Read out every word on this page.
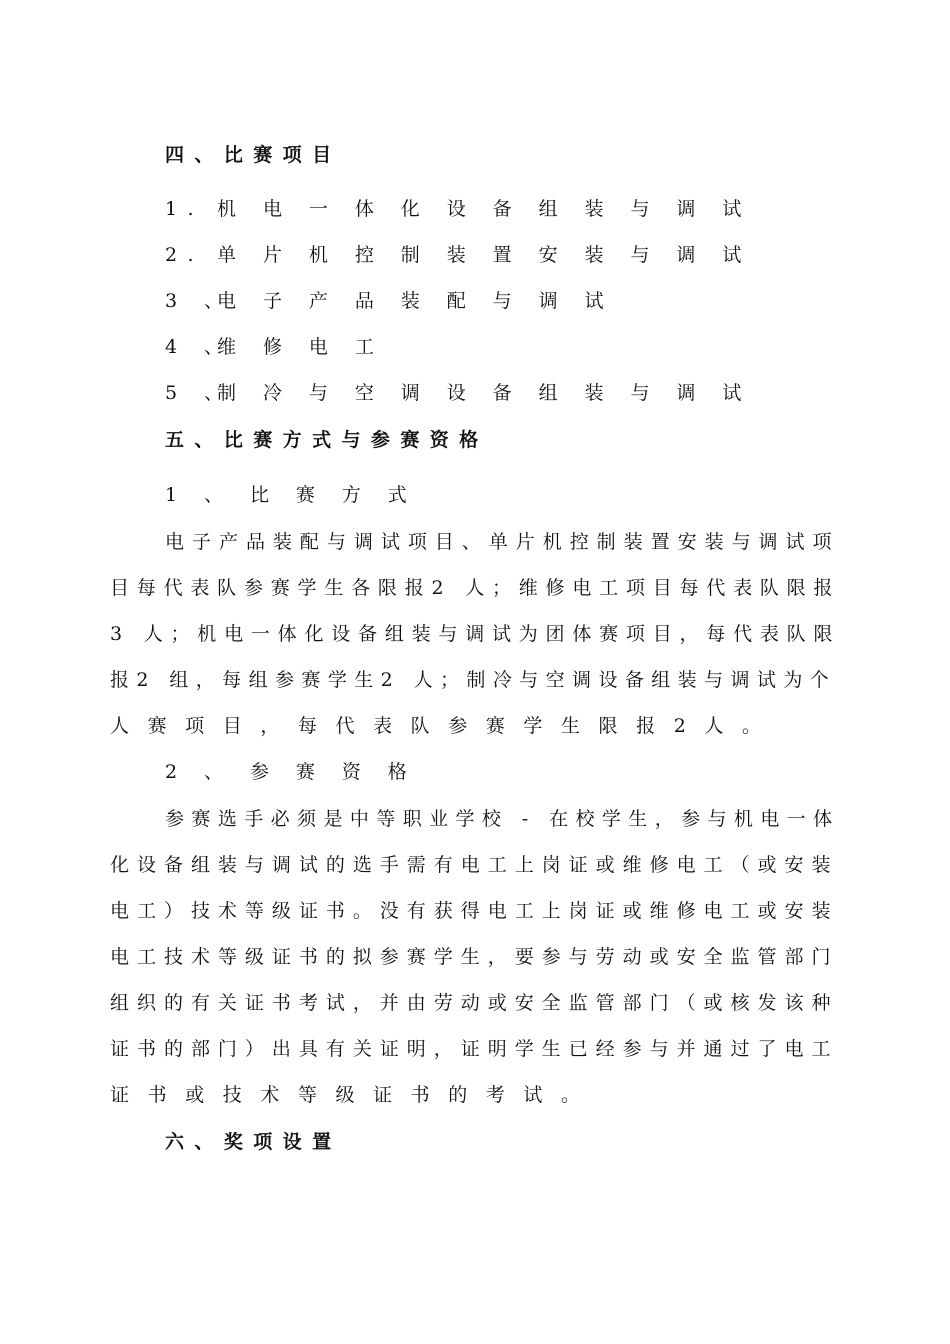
四 、 比 赛 项 目
1. 机 电 一 体 化 设 备 组 装 与 调 试
2. 单 片 机 控 制 装 置 安 装 与 调 试
3 、电 子 产 品 装 配 与 调 试
4 、维 修 电 工
5 、制 冷 与 空 调 设 备 组 装 与 调 试
五 、 比 赛 方 式 与 参 赛 资 格
1 、 比 赛 方 式
电子产品装配与调试项目、单片机控制装置安装与调试项
目每代表队参赛学生各限报2 人；维修电工项目每代表队限报
3 人；机电一体化设备组装与调试为团体赛项目，每代表队限
报2 组，每组参赛学生2 人；制冷与空调设备组装与调试为个
人 赛 项 目 ， 每 代 表 队 参 赛 学 生 限 报 2 人 。
2 、 参 赛 资 格
参赛选手必须是中等职业学校 - 在校学生，参与机电一体
化设备组装与调试的选手需有电工上岗证或维修电工（或安装
电工）技术等级证书。没有获得电工上岗证或维修电工或安装
电工技术等级证书的拟参赛学生，要参与劳动或安全监管部门
组织的有关证书考试，并由劳动或安全监管部门（或核发该种
证书的部门）出具有关证明，证明学生已经参与并通过了电工
证 书 或 技 术 等 级 证 书 的 考 试 。
六 、 奖 项 设 置
